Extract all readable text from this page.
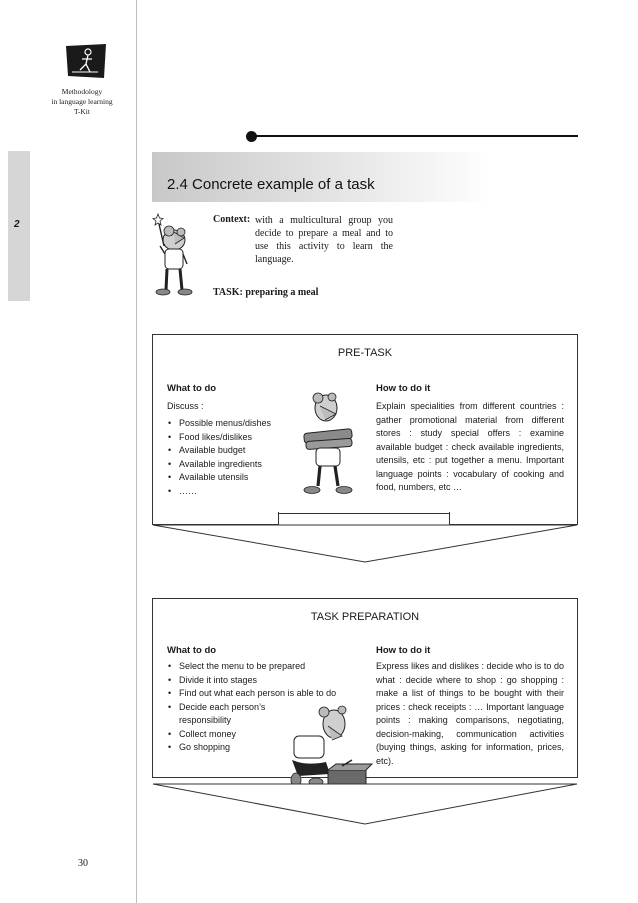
Methodology
in language learning
T-Kit
2
2.4 Concrete example of a task
Context: with a multicultural group you decide to prepare a meal and to use this activity to learn the language.
TASK: preparing a meal
PRE-TASK
What to do
Discuss :
• Possible menus/dishes
• Food likes/dislikes
• Available budget
• Available ingredients
• Available utensils
• ……
How to do it
Explain specialities from different countries : gather promotional material from different stores : study special offers : examine available budget : check available ingredients, utensils, etc : put together a menu. Important language points : vocabulary of cooking and food, numbers, etc …
TASK PREPARATION
What to do
• Select the menu to be prepared
• Divide it into stages
• Find out what each person is able to do
• Decide each person’s responsibility
• Collect money
• Go shopping
How to do it
Express likes and dislikes : decide who is to do what : decide where to shop : go shopping : make a list of things to be bought with their prices : check receipts : … Important language points : making comparisons, negotiating, decision-making, communication activities (buying things, asking for information, prices, etc).
30
